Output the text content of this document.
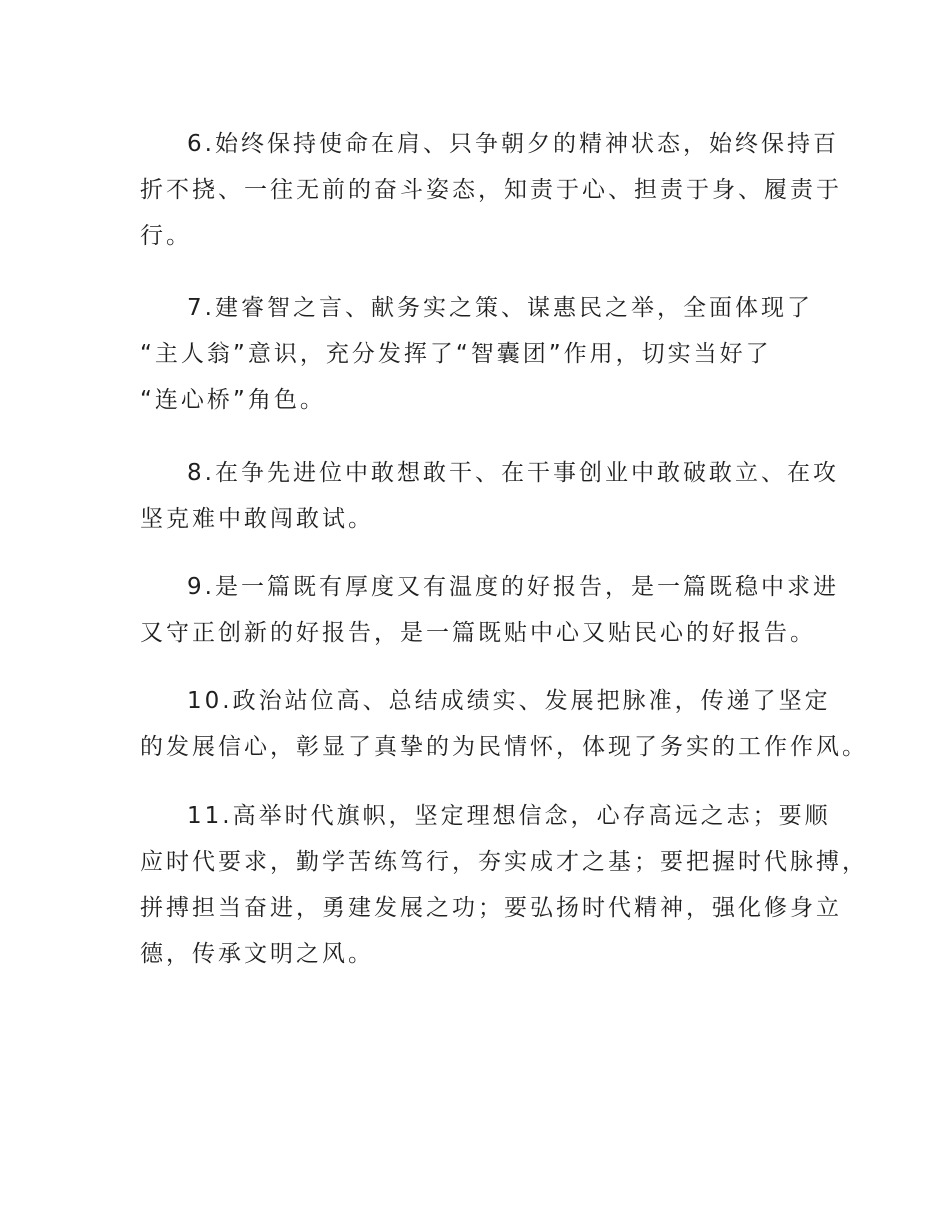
6.始终保持使命在肩、只争朝夕的精神状态，始终保持百
折不挠、一往无前的奋斗姿态，知责于心、担责于身、履责于
行。
7.建睿智之言、献务实之策、谋惠民之举，全面体现了
“主人翁”意识，充分发挥了“智囊团”作用，切实当好了
“连心桥”角色。
8.在争先进位中敢想敢干、在干事创业中敢破敢立、在攻
坚克难中敢闯敢试。
9.是一篇既有厚度又有温度的好报告，是一篇既稳中求进
又守正创新的好报告，是一篇既贴中心又贴民心的好报告。
10.政治站位高、总结成绩实、发展把脉准，传递了坚定
的发展信心，彰显了真挚的为民情怀，体现了务实的工作作风。
11.高举时代旗帜，坚定理想信念，心存高远之志；要顺
应时代要求，勤学苦练笃行，夯实成才之基；要把握时代脉搏，
拼搏担当奋进，勇建发展之功；要弘扬时代精神，强化修身立
德，传承文明之风。
